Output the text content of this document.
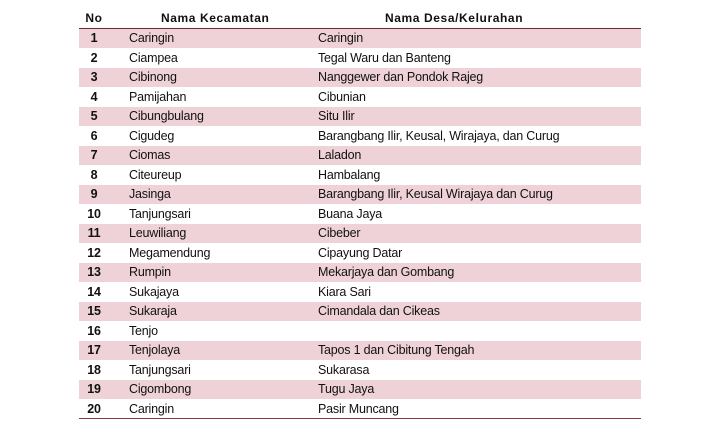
No	Nama Kecamatan	Nama Desa/Kelurahan
1	Caringin	Caringin
2	Ciampea	Tegal Waru dan Banteng
3	Cibinong	Nanggewer dan Pondok Rajeg
4	Pamijahan	Cibunian
5	Cibungbulang	Situ Ilir
6	Cigudeg	Barangbang Ilir, Keusal, Wirajaya, dan Curug
7	Ciomas	Laladon
8	Citeureup	Hambalang
9	Jasinga	Barangbang Ilir, Keusal Wirajaya dan Curug
10	Tanjungsari	Buana Jaya
11	Leuwiliang	Cibeber
12	Megamendung	Cipayung Datar
13	Rumpin	Mekarjaya dan Gombang
14	Sukajaya	Kiara Sari
15	Sukaraja	Cimandala dan Cikeas
16	Tenjo
17	Tenjolaya	Tapos 1 dan Cibitung Tengah
18	Tanjungsari	Sukarasa
19	Cigombong	Tugu Jaya
20	Caringin	Pasir Muncang
